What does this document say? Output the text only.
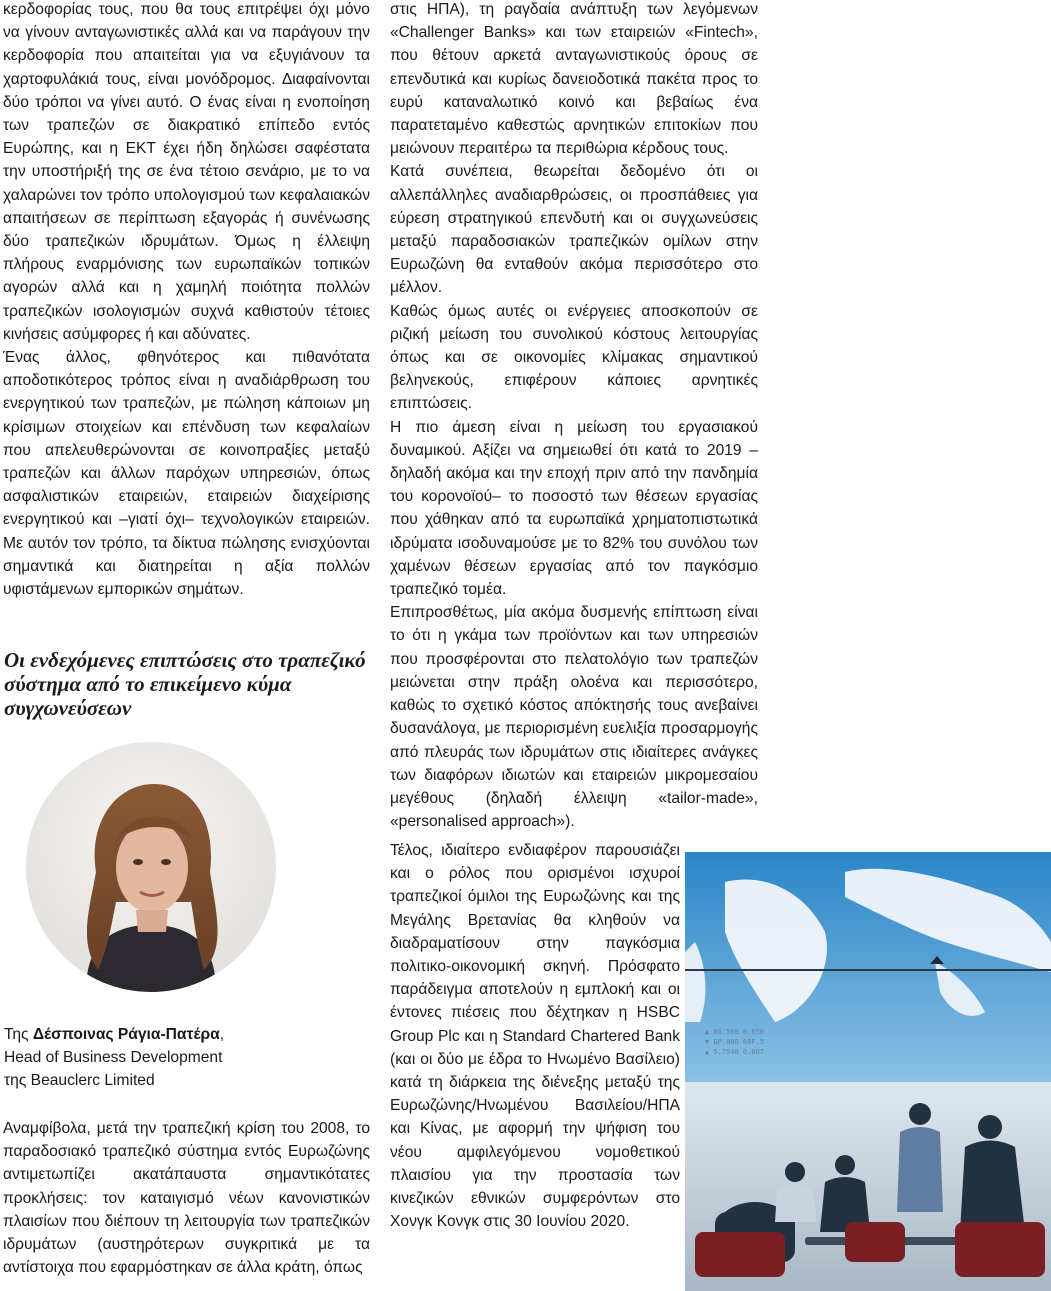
κερδοφορίας τους, που θα τους επιτρέψει όχι μόνο να γίνουν ανταγωνιστικές αλλά και να παράγουν την κερδοφορία που απαιτείται για να εξυγιάνουν τα χαρτοφυλάκιά τους, είναι μονόδρομος. Διαφαίνονται δύο τρόποι να γίνει αυτό. Ο ένας είναι η ενοποίηση των τραπεζών σε διακρατικό επίπεδο εντός Ευρώπης, και η ΕΚΤ έχει ήδη δηλώσει σαφέστατα την υποστήριξή της σε ένα τέτοιο σενάριο, με το να χαλαρώνει τον τρόπο υπολογισμού των κεφαλαιακών απαιτήσεων σε περίπτωση εξαγοράς ή συνένωσης δύο τραπεζικών ιδρυμάτων. Όμως η έλλειψη πλήρους εναρμόνισης των ευρωπαϊκών τοπικών αγορών αλλά και η χαμηλή ποιότητα πολλών τραπεζικών ισολογισμών συχνά καθιστούν τέτοιες κινήσεις ασύμφορες ή και αδύνατες.

Ένας άλλος, φθηνότερος και πιθανότατα αποδοτικότερος τρόπος είναι η αναδιάρθρωση του ενεργητικού των τραπεζών, με πώληση κάποιων μη κρίσιμων στοιχείων και επένδυση των κεφαλαίων που απελευθερώνονται σε κοινοπραξίες μεταξύ τραπεζών και άλλων παρόχων υπηρεσιών, όπως ασφαλιστικών εταιρειών, εταιρειών διαχείρισης ενεργητικού και –γιατί όχι– τεχνολογικών εταιρειών. Με αυτόν τον τρόπο, τα δίκτυα πώλησης ενισχύονται σημαντικά και διατηρείται η αξία πολλών υφιστάμενων εμπορικών σημάτων.

Οι ενδεχόμενες επιπτώσεις στο τραπεζικό σύστημα από το επικείμενο κύμα συγχωνεύσεων
Της Δέσποινας Ράγια-Πατέρα,
Head of Business Development
της Beauclerc Limited
Αναμφίβολα, μετά την τραπεζική κρίση του 2008, το παραδοσιακό τραπεζικό σύστημα εντός Ευρωζώνης αντιμετωπίζει ακατάπαυστα σημαντικότατες προκλήσεις: τον καταιγισμό νέων κανονιστικών πλαισίων που διέπουν τη λειτουργία των τραπεζικών ιδρυμάτων (αυστηρότερων συγκριτικά με τα αντίστοιχα που εφαρμόστηκαν σε άλλα κράτη, όπως

στις ΗΠΑ), τη ραγδαία ανάπτυξη των λεγόμενων «Challenger Banks» και των εταιρειών «Fintech», που θέτουν αρκετά ανταγωνιστικούς όρους σε επενδυτικά και κυρίως δανειοδοτικά πακέτα προς το ευρύ καταναλωτικό κοινό και βεβαίως ένα παρατεταμένο καθεστώς αρνητικών επιτοκίων που μειώνουν περαιτέρω τα περιθώρια κέρδους τους.

Κατά συνέπεια, θεωρείται δεδομένο ότι οι αλλεπάλληλες αναδιαρθρώσεις, οι προσπάθειες για εύρεση στρατηγικού επενδυτή και οι συγχωνεύσεις μεταξύ παραδοσιακών τραπεζικών ομίλων στην Ευρωζώνη θα ενταθούν ακόμα περισσότερο στο μέλλον.

Καθώς όμως αυτές οι ενέργειες αποσκοπούν σε ριζική μείωση του συνολικού κόστους λειτουργίας όπως και σε οικονομίες κλίμακας σημαντικού βεληνεκούς, επιφέρουν κάποιες αρνητικές επιπτώσεις.

Η πιο άμεση είναι η μείωση του εργασιακού δυναμικού. Αξίζει να σημειωθεί ότι κατά το 2019 –δηλαδή ακόμα και την εποχή πριν από την πανδημία του κορονοϊού– το ποσοστό των θέσεων εργασίας που χάθηκαν από τα ευρωπαϊκά χρηματοπιστωτικά ιδρύματα ισοδυναμούσε με το 82% του συνόλου των χαμένων θέσεων εργασίας από τον παγκόσμιο τραπεζικό τομέα.

Επιπροσθέτως, μία ακόμα δυσμενής επίπτωση είναι το ότι η γκάμα των προϊόντων και των υπηρεσιών που προσφέρονται στο πελατολόγιο των τραπεζών μειώνεται στην πράξη ολοένα και περισσότερο, καθώς το σχετικό κόστος απόκτησής τους ανεβαίνει δυσανάλογα, με περιορισμένη ευελιξία προσαρμογής από πλευράς των ιδρυμάτων στις ιδιαίτερες ανάγκες των διαφόρων ιδιωτών και εταιρειών μικρομεσαίου μεγέθους (δηλαδή έλλειψη «tailor-made», «personalised approach»).

Τέλος, ιδιαίτερο ενδιαφέρον παρουσιάζει και ο ρόλος που ορισμένοι ισχυροί τραπεζικοί όμιλοι της Ευρωζώνης και της Μεγάλης Βρετανίας θα κληθούν να διαδραματίσουν στην παγκόσμια πολιτικο-οικονομική σκηνή. Πρόσφατο παράδειγμα αποτελούν η εμπλοκή και οι έντονες πιέσεις που δέχτηκαν η HSBC Group Plc και η Standard Chartered Bank (και οι δύο με έδρα το Ηνωμένο Βασίλειο) κατά τη διάρκεια της διένεξης μεταξύ της Ευρωζώνης/Ηνωμένου Βασιλείου/ΗΠΑ και Κίνας, με αφορμή την ψήφιση του νέου αμφιλεγόμενου νομοθετικού πλαισίου για την προστασία των κινεζικών εθνικών συμφερόντων στο Χονγκ Κονγκ στις 30 Ιουνίου 2020.
▲ 86.560 0.650
▼ GP.806 60F.5
▲ 5.7540 0.607
